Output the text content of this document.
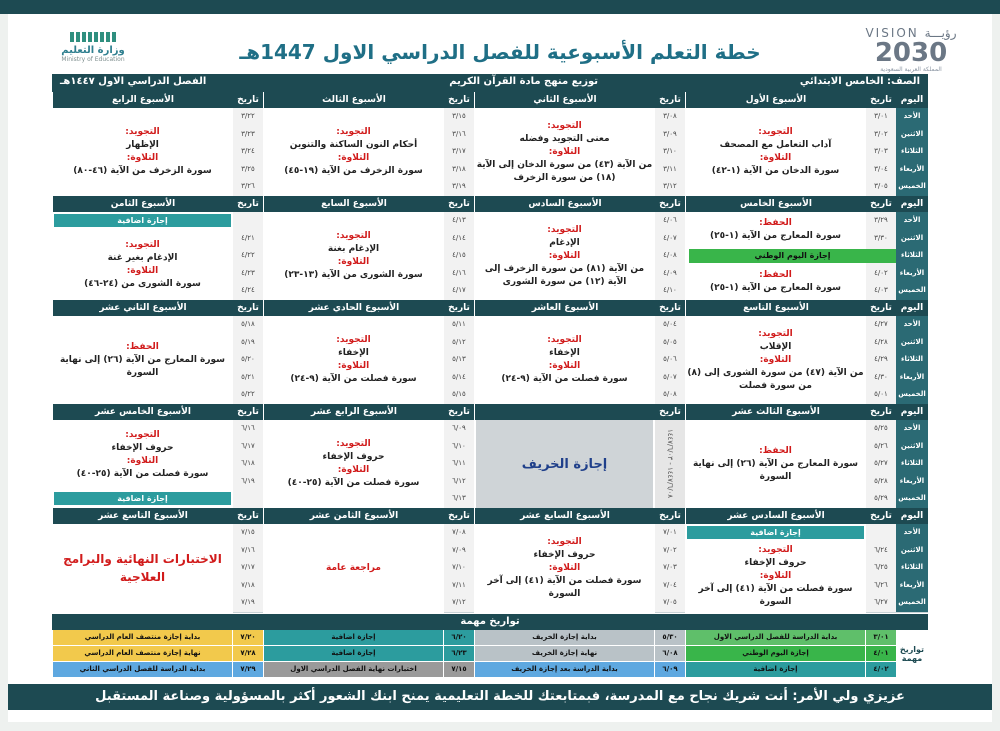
VISION رؤيـــة
2030
المملكة العربية السعودية
خطة التعلم الأسبوعية للفصل الدراسي الاول 1447هـ
وزارة التعليم
Ministry of Education
الصف: الخامس الابتدائي
توزيع منهج مادة القرآن الكريم
الفصل الدراسي الاول ١٤٤٧هـ
اليوم
الأحد
الاثنين
الثلاثاء
الأربعاء
الخميس
تاريخ
الأسبوع الأول
٣/٠١
٣/٠٢
٣/٠٣
٣/٠٤
٣/٠٥
التجويد:
آداب التعامل مع المصحف
التلاوة:
سورة الدخان من الآية (١-٤٢)
تاريخ
الأسبوع الثاني
٣/٠٨
٣/٠٩
٣/١٠
٣/١١
٣/١٢
التجويد:
معنى التجويد وفضله
التلاوة:
من الآية (٤٣) من سورة الدخان إلى الآية (١٨) من سورة الزخرف
تاريخ
الأسبوع الثالث
٣/١٥
٣/١٦
٣/١٧
٣/١٨
٣/١٩
التجويد:
أحكام النون الساكنة والتنوين
التلاوة:
سورة الزخرف من الآية (١٩-٤٥)
تاريخ
الأسبوع الرابع
٣/٢٢
٣/٢٣
٣/٢٤
٣/٢٥
٣/٢٦
التجويد:
الإظهار
التلاوة:
سورة الزخرف من الآية (٤٦-٨٠)
اليوم
الأحد
الاثنين
الثلاثاء
الأربعاء
الخميس
تاريخ
الأسبوع الخامس
٣/٢٩
٣/٣٠
٤/٠٢
٤/٠٣
إجازة اليوم الوطني
الحفظ:
سورة المعارج من الآية (١-٢٥)
الحفظ:
سورة المعارج من الآية (١-٢٥)
تاريخ
الأسبوع السادس
٤/٠٦
٤/٠٧
٤/٠٨
٤/٠٩
٤/١٠
التجويد:
الإدغام
التلاوة:
من الآية (٨١) من سورة الزخرف إلى الآية (١٢) من سورة الشورى
تاريخ
الأسبوع السابع
٤/١٣
٤/١٤
٤/١٥
٤/١٦
٤/١٧
التجويد:
الإدغام بغنة
التلاوة:
سورة الشورى من الآية (١٣-٢٣)
تاريخ
الأسبوع الثامن
٤/٢١
٤/٢٢
٤/٢٣
٤/٢٤
إجازة اضافية
التجويد:
الإدغام بغير غنة
التلاوة:
سورة الشورى من (٢٤-٤٦)
اليوم
الأحد
الاثنين
الثلاثاء
الأربعاء
الخميس
تاريخ
الأسبوع التاسع
٤/٢٧
٤/٢٨
٤/٢٩
٤/٣٠
٥/٠١
التجويد:
الإقلاب
التلاوة:
من الآية (٤٧) من سورة الشورى إلى (٨) من سورة فصلت
تاريخ
الأسبوع العاشر
٥/٠٤
٥/٠٥
٥/٠٦
٥/٠٧
٥/٠٨
التجويد:
الإخفاء
التلاوة:
سورة فصلت من الآية (٩-٢٤)
تاريخ
الأسبوع الحادي عشر
٥/١١
٥/١٢
٥/١٣
٥/١٤
٥/١٥
التجويد:
الإخفاء
التلاوة:
سورة فصلت من الآية (٩-٢٤)
تاريخ
الأسبوع الثاني عشر
٥/١٨
٥/١٩
٥/٢٠
٥/٢١
٥/٢٢
الحفظ:
سورة المعارج من الآية (٢٦) إلى نهاية السورة
اليوم
الأحد
الاثنين
الثلاثاء
الأربعاء
الخميس
تاريخ
الأسبوع الثالث عشر
٥/٢٥
٥/٢٦
٥/٢٧
٥/٢٨
٥/٢٩
الحفظ:
سورة المعارج من الآية (٢٦) إلى نهاية السورة
تاريخ
إجازة الخريف
١٤٤٧/٦/٠٨ - ١٤٤٧/٦/٠٣
تاريخ
الأسبوع الرابع عشر
٦/٠٩
٦/١٠
٦/١١
٦/١٢
٦/١٣
التجويد:
حروف الإخفاء
التلاوة:
سورة فصلت من الآية (٢٥-٤٠)
تاريخ
الأسبوع الخامس عشر
٦/١٦
٦/١٧
٦/١٨
٦/١٩
إجازة اضافية
التجويد:
حروف الإخفاء
التلاوة:
سورة فصلت من الآية (٢٥-٤٠)
اليوم
الأحد
الاثنين
الثلاثاء
الأربعاء
الخميس
تاريخ
الأسبوع السادس عشر
٦/٢٤
٦/٢٥
٦/٢٦
٦/٢٧
إجازة اضافية
التجويد:
حروف الإخفاء
التلاوة:
سورة فصلت من الآية (٤١) إلى آخر السورة
تاريخ
الأسبوع السابع عشر
٧/٠١
٧/٠٢
٧/٠٣
٧/٠٤
٧/٠٥
التجويد:
حروف الإخفاء
التلاوة:
سورة فصلت من الآية (٤١) إلى آخر السورة
تاريخ
الأسبوع الثامن عشر
٧/٠٨
٧/٠٩
٧/١٠
٧/١١
٧/١٢
مراجعة عامة
تاريخ
الأسبوع التاسع عشر
٧/١٥
٧/١٦
٧/١٧
٧/١٨
٧/١٩
الاختبارات النهائية والبرامج العلاجية
تواريخ مهمة
تواريخ مهمة
٣/٠١
بداية الدراسة للفصل الدراسي الاول
٥/٣٠
بداية إجازة الخريف
٦/٢٠
إجازة اضافية
٧/٢٠
بداية إجازة منتصف العام الدراسي
٤/٠١
إجازة اليوم الوطني
٦/٠٨
نهاية إجازة الخريف
٦/٢٣
إجازة اضافية
٧/٢٨
نهاية إجازة منتصف العام الدراسي
٤/٠٢
إجازة اضافية
٦/٠٩
بداية الدراسة بعد إجازة الخريف
٧/١٥
اختبارات نهاية الفصل الدراسي الاول
٧/٢٩
بداية الدراسة للفصل الدراسي الثاني
عزيزي ولي الأمر: أنت شريك نجاح مع المدرسة، فبمتابعتك للخطة التعليمية يمنح ابنك الشعور أكثر بالمسؤولية وصناعة المستقبل
